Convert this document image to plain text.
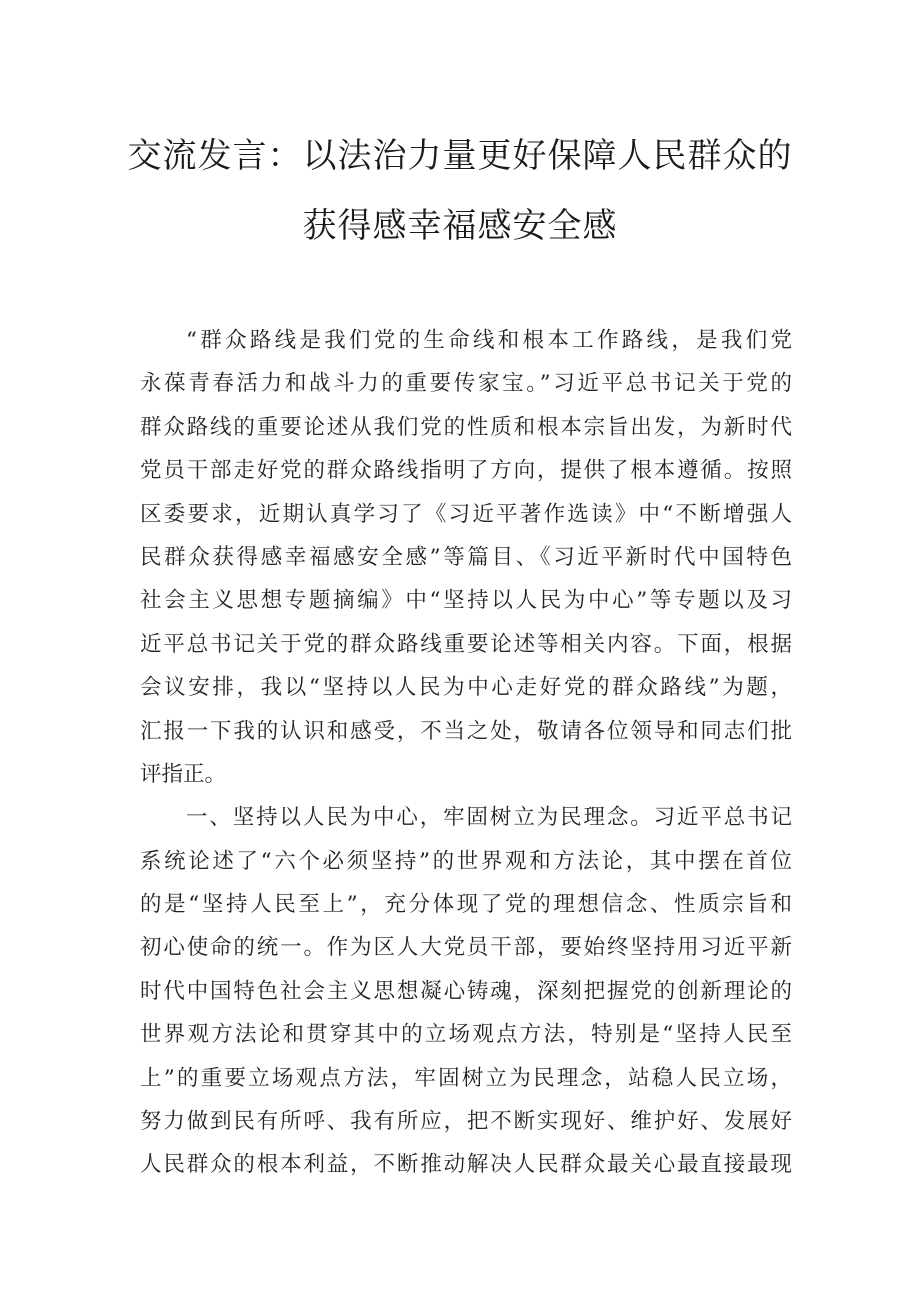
交流发言：以法治力量更好保障人民群众的
获得感幸福感安全感
“群众路线是我们党的生命线和根本工作路线，是我们党
永葆青春活力和战斗力的重要传家宝。”习近平总书记关于党的
群众路线的重要论述从我们党的性质和根本宗旨出发，为新时代
党员干部走好党的群众路线指明了方向，提供了根本遵循。按照
区委要求，近期认真学习了《习近平著作选读》中“不断增强人
民群众获得感幸福感安全感”等篇目、《习近平新时代中国特色
社会主义思想专题摘编》中“坚持以人民为中心”等专题以及习
近平总书记关于党的群众路线重要论述等相关内容。下面，根据
会议安排，我以“坚持以人民为中心走好党的群众路线”为题，
汇报一下我的认识和感受，不当之处，敬请各位领导和同志们批
评指正。
一、坚持以人民为中心，牢固树立为民理念。习近平总书记
系统论述了“六个必须坚持”的世界观和方法论，其中摆在首位
的是“坚持人民至上”，充分体现了党的理想信念、性质宗旨和
初心使命的统一。作为区人大党员干部，要始终坚持用习近平新
时代中国特色社会主义思想凝心铸魂，深刻把握党的创新理论的
世界观方法论和贯穿其中的立场观点方法，特别是“坚持人民至
上”的重要立场观点方法，牢固树立为民理念，站稳人民立场，
努力做到民有所呼、我有所应，把不断实现好、维护好、发展好
人民群众的根本利益，不断推动解决人民群众最关心最直接最现
